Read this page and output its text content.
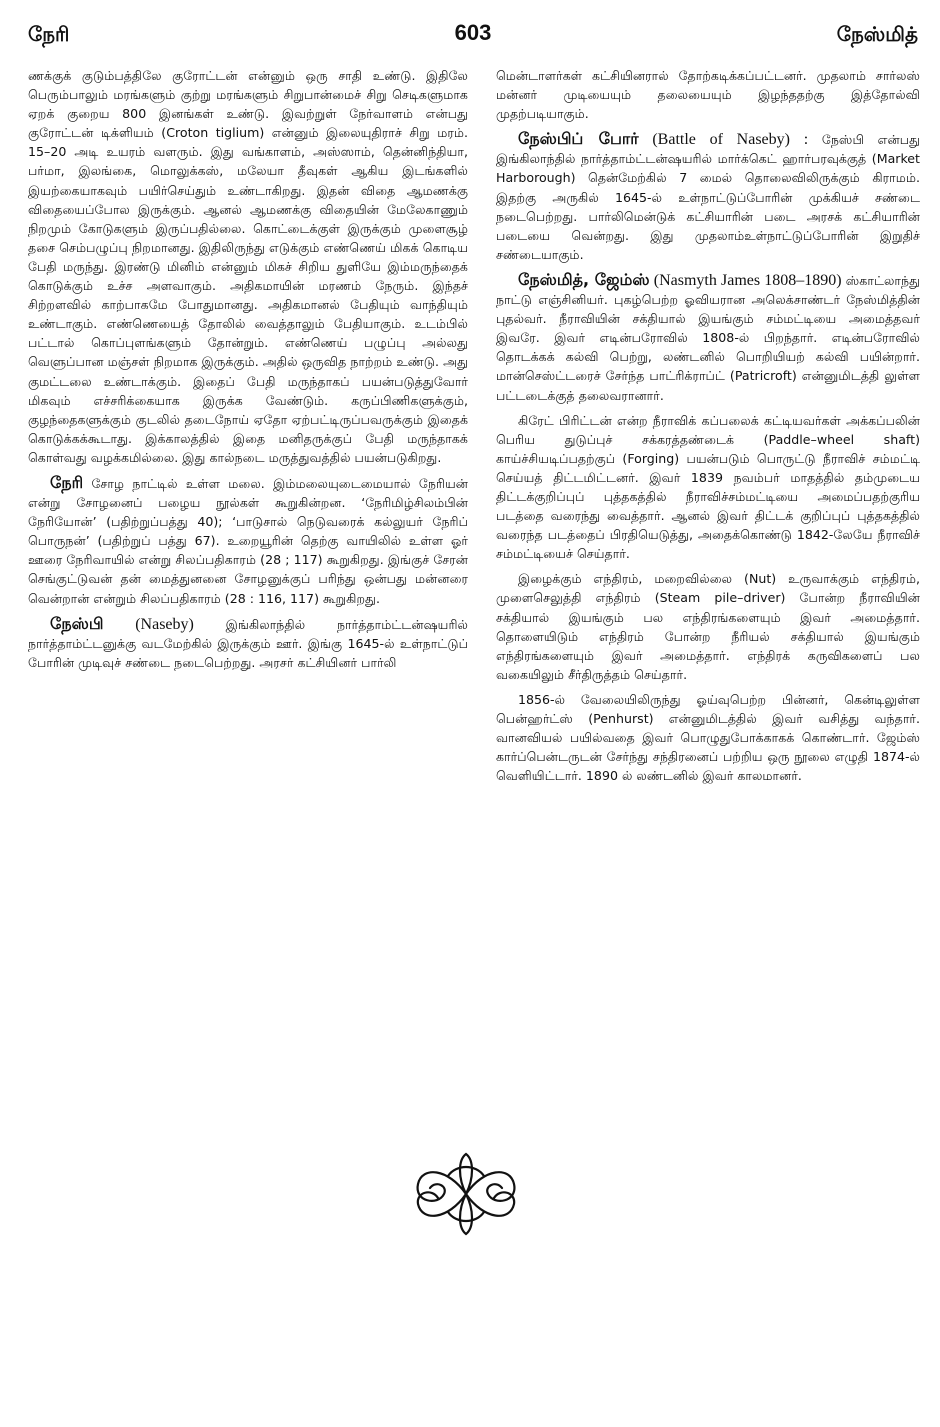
நேரி	603	நேஸ்மித்

ணக்குக் குடும்பத்திலே குரோட்டன் என்னும் ஒரு சாதி உண்டு. இதிலே பெரும்பாலும் மரங்களும் குற்று மரங்களும் சிறுபான்மைச் சிறு செடிகளுமாக ஏறக் குறைய 800 இனங்கள் உண்டு. இவற்றுள் நேர்வாளம் என்பது குரோட்டன் டிக்ளியம் (Croton tiglium) என்னும் இலையுதிராச் சிறு மரம். 15–20 அடி உயரம் வளரும். இது வங்காளம், அஸ்ஸாம், தென்னிந்தியா, பர்மா, இலங்கை, மொலுக்கஸ், மலேயா தீவுகள் ஆகிய இடங்களில் இயற்கையாகவும் பயிர்செய்தும் உண்டாகிறது. இதன் விதை ஆமணக்கு விதையைப்போல இருக்கும். ஆனல் ஆமணக்கு விதையின் மேலேகாணும் நிறமும் கோடுகளும் இருப்பதில்லை. கொட்டைக்குள் இருக்கும் முளைசூழ் தசை செம்பழுப்பு நிறமானது. இதிலிருந்து எடுக்கும் எண்ணெய் மிகக் கொடிய பேதி மருந்து. இரண்டு மினிம் என்னும் மிகச் சிறிய துளியே இம்மருந்தைக் கொடுக்கும் உச்ச அளவாகும். அதிகமாயின் மரணம் நேரும். இந்தச் சிற்றளவில் காற்பாகமே போதுமானது. அதிகமானல் பேதியும் வாந்தியும் உண்டாகும். எண்ணெயைத் தோலில் வைத்தாலும் பேதியாகும். உடம்பில் பட்டால் கொப்புளங்களும் தோன்றும். எண்ணெய் பழுப்பு அல்லது வெளுப்பான மஞ்சள் நிறமாக இருக்கும். அதில் ஒருவித நாற்றம் உண்டு. அது குமட்டலை உண்டாக்கும். இதைப் பேதி மருந்தாகப் பயன்படுத்துவோர் மிகவும் எச்சரிக்கையாக இருக்க வேண்டும். கருப்பிணிகளுக்கும், குழந்தைகளுக்கும் குடலில் தடைநோய் ஏதோ ஏற்பட்டிருப்பவருக்கும் இதைக் கொடுக்கக்கூடாது. இக்காலத்தில் இதை மனிதருக்குப் பேதி மருந்தாகக் கொள்வது வழக்கமில்லை. இது கால்நடை மருத்துவத்தில் பயன்படுகிறது.

நேரி சோழ நாட்டில் உள்ள மலை. இம்மலையுடைமையால் நேரியன் என்று சோழனைப் பழைய நூல்கள் கூறுகின்றன. ‘நேரிமிழ்சிலம்பின் நேரியோன்’ (பதிற்றுப்பத்து 40); ‘பாடுசால் நெடுவரைக் கல்லுயர் நேரிப் பொருநன்’ (பதிற்றுப் பத்து 67). உறையூரின் தெற்கு வாயிலில் உள்ள ஓர் ஊரை நேரிவாயில் என்று சிலப்பதிகாரம் (28 ; 117) கூறுகிறது. இங்குச் சேரன் செங்குட்டுவன் தன் மைத்துனனை சோழனுக்குப் பரிந்து ஒன்பது மன்னரை வென்றான் என்றும் சிலப்பதிகாரம் (28 : 116, 117) கூறுகிறது.

நேஸ்பி (Naseby) இங்கிலாந்தில் நார்த்தாம்ட்டன்ஷயரில் நார்த்தாம்ட்டனுக்கு வடமேற்கில் இருக்கும் ஊர். இங்கு 1645-ல் உள்நாட்டுப் போரின் முடிவுச் சண்டை நடைபெற்றது. அரசர் கட்சியினர் பார்லி

மென்டாளர்கள் கட்சியினரால் தோற்கடிக்கப்பட்டனர். முதலாம் சார்லஸ் மன்னர் முடியையும் தலையையும் இழந்ததற்கு இத்தோல்வி முதற்படியாகும்.

நேஸ்பிப் போர் (Battle of Naseby) : நேஸ்பி என்பது இங்கிலாந்தில் நார்த்தாம்ட்டன்ஷயரில் மார்க்கெட் ஹார்பரவுக்குத் (Market Harborough) தென்மேற்கில் 7 மைல் தொலைவிலிருக்கும் கிராமம். இதற்கு அருகில் 1645-ல் உள்நாட்டுப்போரின் முக்கியச் சண்டை நடைபெற்றது. பார்லிமென்டுக் கட்சியாரின் படை அரசக் கட்சியாரின் படையை வென்றது. இது முதலாம்உள்நாட்டுப்போரின் இறுதிச் சண்டையாகும்.

நேஸ்மித், ஜேம்ஸ் (Nasmyth James 1808–1890) ஸ்காட்லாந்து நாட்டு எஞ்சினியர். புகழ்பெற்ற ஓவியரான அலெக்சாண்டர் நேஸ்மித்தின் புதல்வர். நீராவியின் சக்தியால் இயங்கும் சம்மட்டியை அமைத்தவர் இவரே. இவர் எடின்பரோவில் 1808-ல் பிறந்தார். எடின்பரோவில் தொடக்கக் கல்வி பெற்று, லண்டனில் பொறியியற் கல்வி பயின்றார். மான்செஸ்ட்டரைச் சேர்ந்த பாட்ரிக்ராப்ட் (Patricroft) என்னுமிடத்தி லுள்ள பட்டடைக்குத் தலைவரானார்.

கிரேட் பிரிட்டன் என்ற நீராவிக் கப்பலைக் கட்டியவர்கள் அக்கப்பலின் பெரிய துடுப்புச் சக்கரத்தண்டைக் (Paddle–wheel shaft) காய்ச்சியடிப்பதற்குப் (Forging) பயன்படும் பொருட்டு நீராவிச் சம்மட்டி செய்யத் திட்டமிட்டனர். இவர் 1839 நவம்பர் மாதத்தில் தம்முடைய திட்டக்குறிப்புப் புத்தகத்தில் நீராவிச்சம்மட்டியை அமைப்பதற்குரிய படத்தை வரைந்து வைத்தார். ஆனல் இவர் திட்டக் குறிப்புப் புத்தகத்தில் வரைந்த படத்தைப் பிரதியெடுத்து, அதைக்கொண்டு 1842-லேயே நீராவிச் சம்மட்டியைச் செய்தார்.

இழைக்கும் எந்திரம், மறைவில்லை (Nut) உருவாக்கும் எந்திரம், முளைசெலுத்தி எந்திரம் (Steam pile–driver) போன்ற நீராவியின் சக்தியால் இயங்கும் பல எந்திரங்களையும் இவர் அமைத்தார். தொளையிடும் எந்திரம் போன்ற நீரியல் சக்தியால் இயங்கும் எந்திரங்களையும் இவர் அமைத்தார். எந்திரக் கருவிகளைப் பல வகையிலும் சீர்திருத்தம் செய்தார்.

1856-ல் வேலையிலிருந்து ஓய்வுபெற்ற பின்னர், கென்டிலுள்ள பென்ஹர்ட்ஸ் (Penhurst) என்னுமிடத்தில் இவர் வசித்து வந்தார். வானவியல் பயில்வதை இவர் பொழுதுபோக்காகக் கொண்டார். ஜேம்ஸ் கார்ப்பென்டருடன் சேர்ந்து சந்திரனைப் பற்றிய ஒரு நூலை எழுதி 1874-ல் வெளியிட்டார். 1890 ல் லண்டனில் இவர் காலமானர்.
